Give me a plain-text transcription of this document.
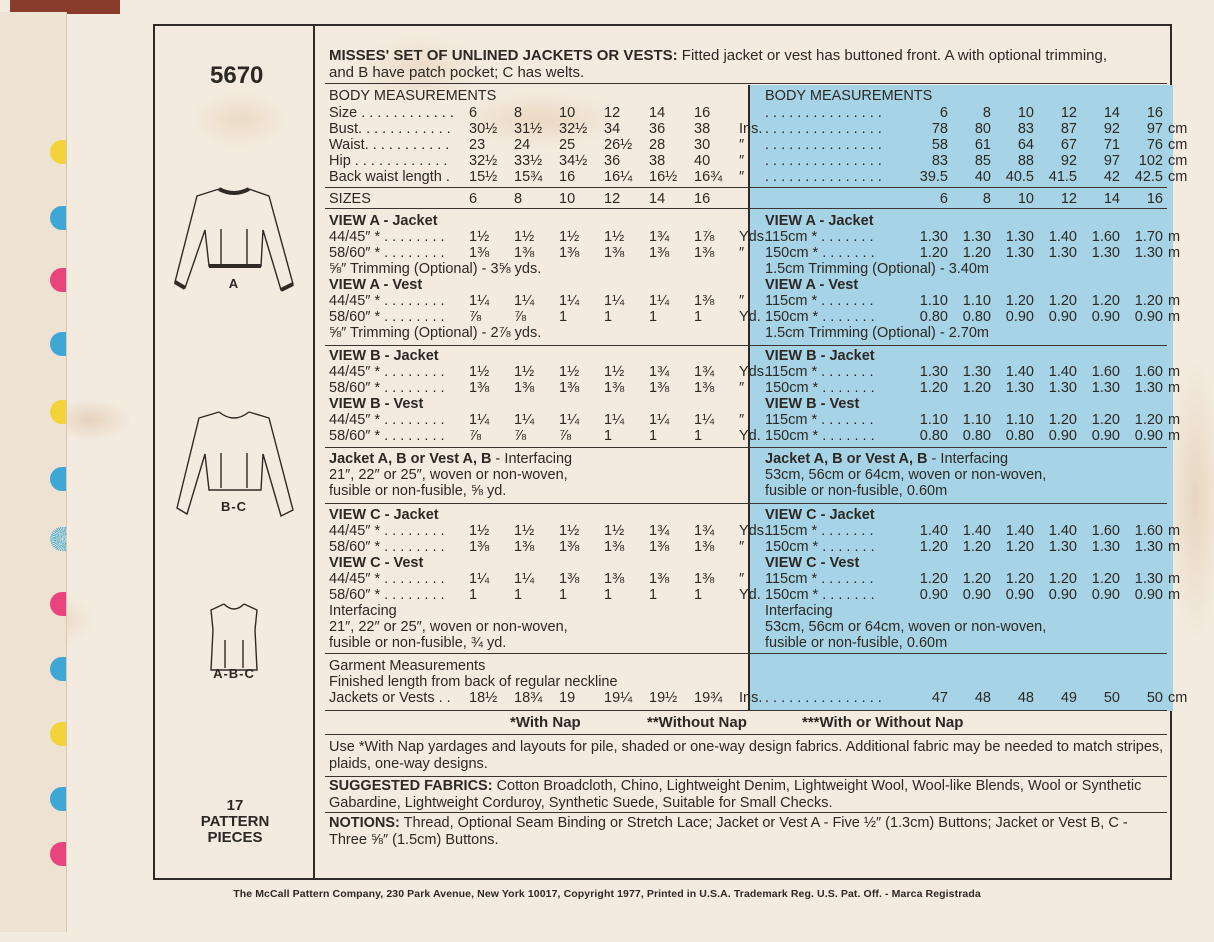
5670
A
B-C
A-B-C
17
PATTERN
PIECES
MISSES' SET OF UNLINED JACKETS OR VESTS: Fitted jacket or vest has buttoned front. A with optional trimming,
and B have patch pocket; C has welts.
BODY MEASUREMENTS	BODY MEASUREMENTS
*With Nap	**Without Nap	***With or Without Nap
Use *With Nap yardages and layouts for pile, shaded or one-way design fabrics. Additional fabric may be needed to match stripes, plaids, one-way designs.
SUGGESTED FABRICS: Cotton Broadcloth, Chino, Lightweight Denim, Lightweight Wool, Wool-like Blends, Wool or Synthetic Gabardine, Lightweight Corduroy, Synthetic Suede, Suitable for Small Checks.
NOTIONS: Thread, Optional Seam Binding or Stretch Lace; Jacket or Vest A - Five ½″ (1.3cm) Buttons; Jacket or Vest B, C - Three ⅝″ (1.5cm) Buttons.
Size . . . . . . . . . . . .	6	8	10	12	14	16
Bust. . . . . . . . . . . .	30½	31½	32½	34	36	38	Ins.
Waist. . . . . . . . . . .	23	24	25	26½	28	30	″
Hip . . . . . . . . . . . .	32½	33½	34½	36	38	40	″
Back waist length .	15½	15¾	16	16¼	16½	16¾	″
. . . . . . . . . . . . . . .	6	8	10	12	14	16
. . . . . . . . . . . . . . .	78	80	83	87	92	97 cm
. . . . . . . . . . . . . . .	58	61	64	67	71	76 cm
. . . . . . . . . . . . . . .	83	85	88	92	97	102 cm
. . . . . . . . . . . . . . .	39.5	40	40.5	41.5	42	42.5 cm
SIZES	6	8	10	12	14	16	6	8	10	12	14	16
VIEW A - Jacket
44/45″ * . . . . . . . .	1½	1½	1½	1½	1¾	1⅞	Yds.
58/60″ * . . . . . . . .	1⅜	1⅜	1⅜	1⅜	1⅜	1⅜	″
⅝″ Trimming (Optional) - 3⅝ yds.
VIEW A - Vest
44/45″ * . . . . . . . .	1¼	1¼	1¼	1¼	1¼	1⅜	″
58/60″ * . . . . . . . .	⅞	⅞	1	1	1	1	Yd.
⅝″ Trimming (Optional) - 2⅞ yds.
VIEW B - Jacket
44/45″ * . . . . . . . .	1½	1½	1½	1½	1¾	1¾	Yds.
58/60″ * . . . . . . . .	1⅜	1⅜	1⅜	1⅜	1⅜	1⅜	″
VIEW B - Vest
44/45″ * . . . . . . . .	1¼	1¼	1¼	1¼	1¼	1¼	″
58/60″ * . . . . . . . .	⅞	⅞	⅞	1	1	1	Yd.
Jacket A, B or Vest A, B - Interfacing
21″, 22″ or 25″, woven or non-woven,
fusible or non-fusible, ⅝ yd.
VIEW C - Jacket
44/45″ * . . . . . . . .	1½	1½	1½	1½	1¾	1¾	Yds.
58/60″ * . . . . . . . .	1⅜	1⅜	1⅜	1⅜	1⅜	1⅜	″
VIEW C - Vest
44/45″ * . . . . . . . .	1¼	1¼	1⅜	1⅜	1⅜	1⅜	″
58/60″ * . . . . . . . .	1	1	1	1	1	1	Yd.
Interfacing
21″, 22″ or 25″, woven or non-woven,
fusible or non-fusible, ¾ yd.
VIEW A - Jacket
115cm * . . . . . . .	1.30	1.30	1.30	1.40	1.60	1.70 m
150cm * . . . . . . .	1.20	1.20	1.30	1.30	1.30	1.30 m
1.5cm Trimming (Optional) - 3.40m
VIEW A - Vest
115cm * . . . . . . .	1.10	1.10	1.20	1.20	1.20	1.20 m
150cm * . . . . . . .	0.80	0.80	0.90	0.90	0.90	0.90 m
1.5cm Trimming (Optional) - 2.70m
VIEW B - Jacket
115cm * . . . . . . .	1.30	1.30	1.40	1.40	1.60	1.60 m
150cm * . . . . . . .	1.20	1.20	1.30	1.30	1.30	1.30 m
VIEW B - Vest
115cm * . . . . . . .	1.10	1.10	1.10	1.20	1.20	1.20 m
150cm * . . . . . . .	0.80	0.80	0.80	0.90	0.90	0.90 m
Jacket A, B or Vest A, B - Interfacing
53cm, 56cm or 64cm, woven or non-woven,
fusible or non-fusible, 0.60m
VIEW C - Jacket
115cm * . . . . . . .	1.40	1.40	1.40	1.40	1.60	1.60 m
150cm * . . . . . . .	1.20	1.20	1.20	1.30	1.30	1.30 m
VIEW C - Vest
115cm * . . . . . . .	1.20	1.20	1.20	1.20	1.20	1.30 m
150cm * . . . . . . .	0.90	0.90	0.90	0.90	0.90	0.90 m
Interfacing
53cm, 56cm or 64cm, woven or non-woven,
fusible or non-fusible, 0.60m
Garment Measurements
Finished length from back of regular neckline
Jackets or Vests . .	18½	18¾	19	19¼	19½	19¾	Ins. . . . . . . . . . . . . . . .	47	48	48	49	50	50 cm
The McCall Pattern Company, 230 Park Avenue, New York 10017, Copyright 1977, Printed in U.S.A. Trademark Reg. U.S. Pat. Off. - Marca Registrada
